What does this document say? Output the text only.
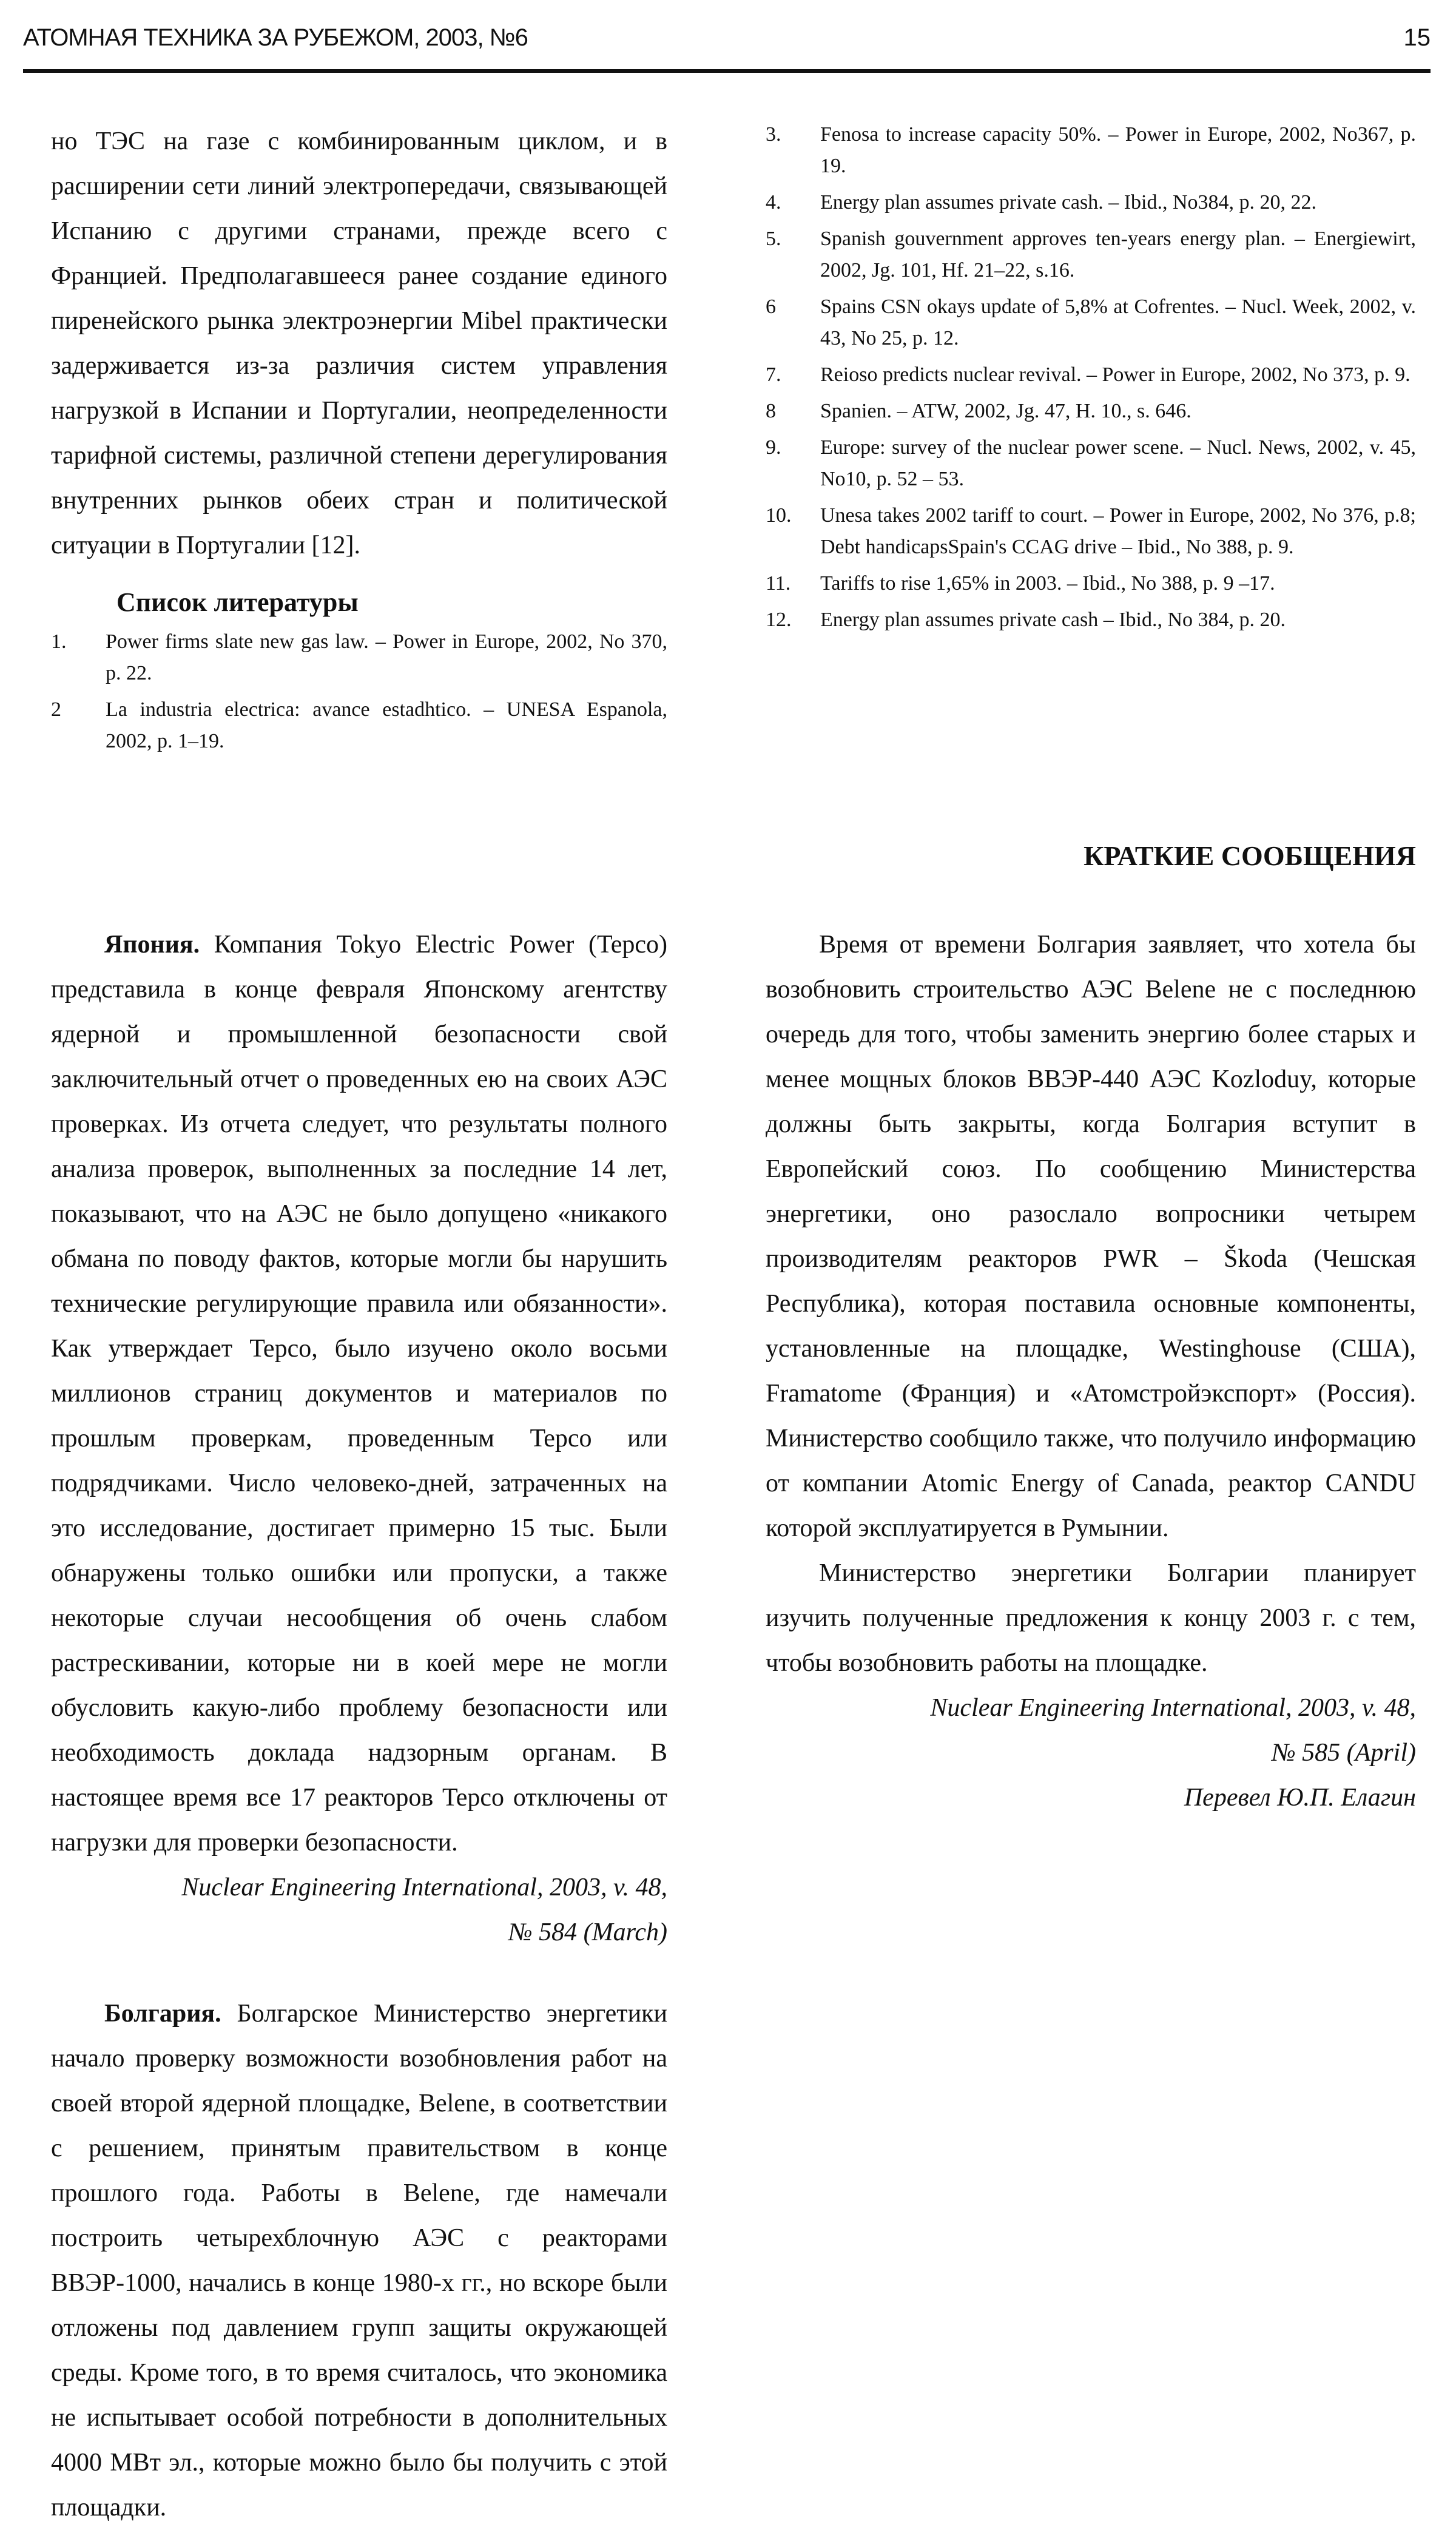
АТОМНАЯ ТЕХНИКА ЗА РУБЕЖОМ, 2003, №6	15

но ТЭС на газе с комбинированным циклом, и в расширении сети линий электропередачи, связывающей Испанию с другими странами, прежде всего с Францией. Предполагавшееся ранее создание единого пиренейского рынка электроэнергии Mibel практически задерживается из-за различия систем управления нагрузкой в Испании и Португалии, неопределенности тарифной системы, различной степени дерегулирования внутренних рынков обеих стран и политической ситуации в Португалии [12].

Список литературы
1.	Power firms slate new gas law. – Power in Europe, 2002, No 370, p. 22.
2	La industria electrica: avance estadhtico. – UNESA Espanola, 2002, p. 1–19.
3.	Fenosa to increase capacity 50%. – Power in Europe, 2002, No367, p. 19.
4.	Energy plan assumes private cash. – Ibid., No384, p. 20, 22.
5.	Spanish gouvernment approves ten-years energy plan. – Energiewirt, 2002, Jg. 101, Hf. 21–22, s.16.
6	Spains CSN okays update of 5,8% at Cofrentes. – Nucl. Week, 2002, v. 43, No 25, p. 12.
7.	Reioso predicts nuclear revival. – Power in Europe, 2002, No 373, p. 9.
8	Spanien. – ATW, 2002, Jg. 47, H. 10., s. 646.
9.	Europe: survey of the nuclear power scene. – Nucl. News, 2002, v. 45, No10, p. 52 – 53.
10.	Unesa takes 2002 tariff to court. – Power in Europe, 2002, No 376, p.8; Debt handicapsSpain's CCAG drive – Ibid., No 388, p. 9.
11.	Tariffs to rise 1,65% in 2003. – Ibid., No 388, p. 9 –17.
12.	Energy plan assumes private cash – Ibid., No 384, p. 20.
КРАТКИЕ СООБЩЕНИЯ

Япония. Компания Tokyo Electric Power (Tepco) представила в конце февраля Японскому агентству ядерной и промышленной безопасности свой заключительный отчет о проведенных ею на своих АЭС проверках. Из отчета следует, что результаты полного анализа проверок, выполненных за последние 14 лет, показывают, что на АЭС не было допущено «никакого обмана по поводу фактов, которые могли бы нарушить технические регулирующие правила или обязанности». Как утверждает Tepco, было изучено около восьми миллионов страниц документов и материалов по прошлым проверкам, проведенным Tepco или подрядчиками. Число человеко-дней, затраченных на это исследование, достигает примерно 15 тыс. Были обнаружены только ошибки или пропуски, а также некоторые случаи несообщения об очень слабом растрескивании, которые ни в коей мере не могли обусловить какую-либо проблему безопасности или необходимость доклада надзорным органам. В настоящее время все 17 реакторов Tepco отключены от нагрузки для проверки безопасности.

Nuclear Engineering International, 2003, v. 48,

№ 584 (March)

Болгария. Болгарское Министерство энергетики начало проверку возможности возобновления работ на своей второй ядерной площадке, Belene, в соответствии с решением, принятым правительством в конце прошлого года. Работы в Belene, где намечали построить четырехблочную АЭС с реакторами ВВЭР-1000, начались в конце 1980-х гг., но вскоре были отложены под давлением групп защиты окружающей среды. Кроме того, в то время считалось, что экономика не испытывает особой потребности в дополнительных 4000 МВт эл., которые можно было бы получить с этой площадки.

Время от времени Болгария заявляет, что хотела бы возобновить строительство АЭС Belene не с последнюю очередь для того, чтобы заменить энергию более старых и менее мощных блоков ВВЭР-440 АЭС Kozloduy, которые должны быть закрыты, когда Болгария вступит в Европейский союз. По сообщению Министерства энергетики, оно разослало вопросники четырем производителям реакторов PWR – Škoda (Чешская Республика), которая поставила основные компоненты, установленные на площадке, Westinghouse (США), Framatome (Франция) и «Атомстройэкспорт» (Россия). Министерство сообщило также, что получило информацию от компании Atomic Energy of Canada, реактор CANDU которой эксплуатируется в Румынии.

Министерство энергетики Болгарии планирует изучить полученные предложения к концу 2003 г. с тем, чтобы возобновить работы на площадке.

Nuclear Engineering International, 2003, v. 48,

№ 585 (April)

Перевел Ю.П. Елагин
